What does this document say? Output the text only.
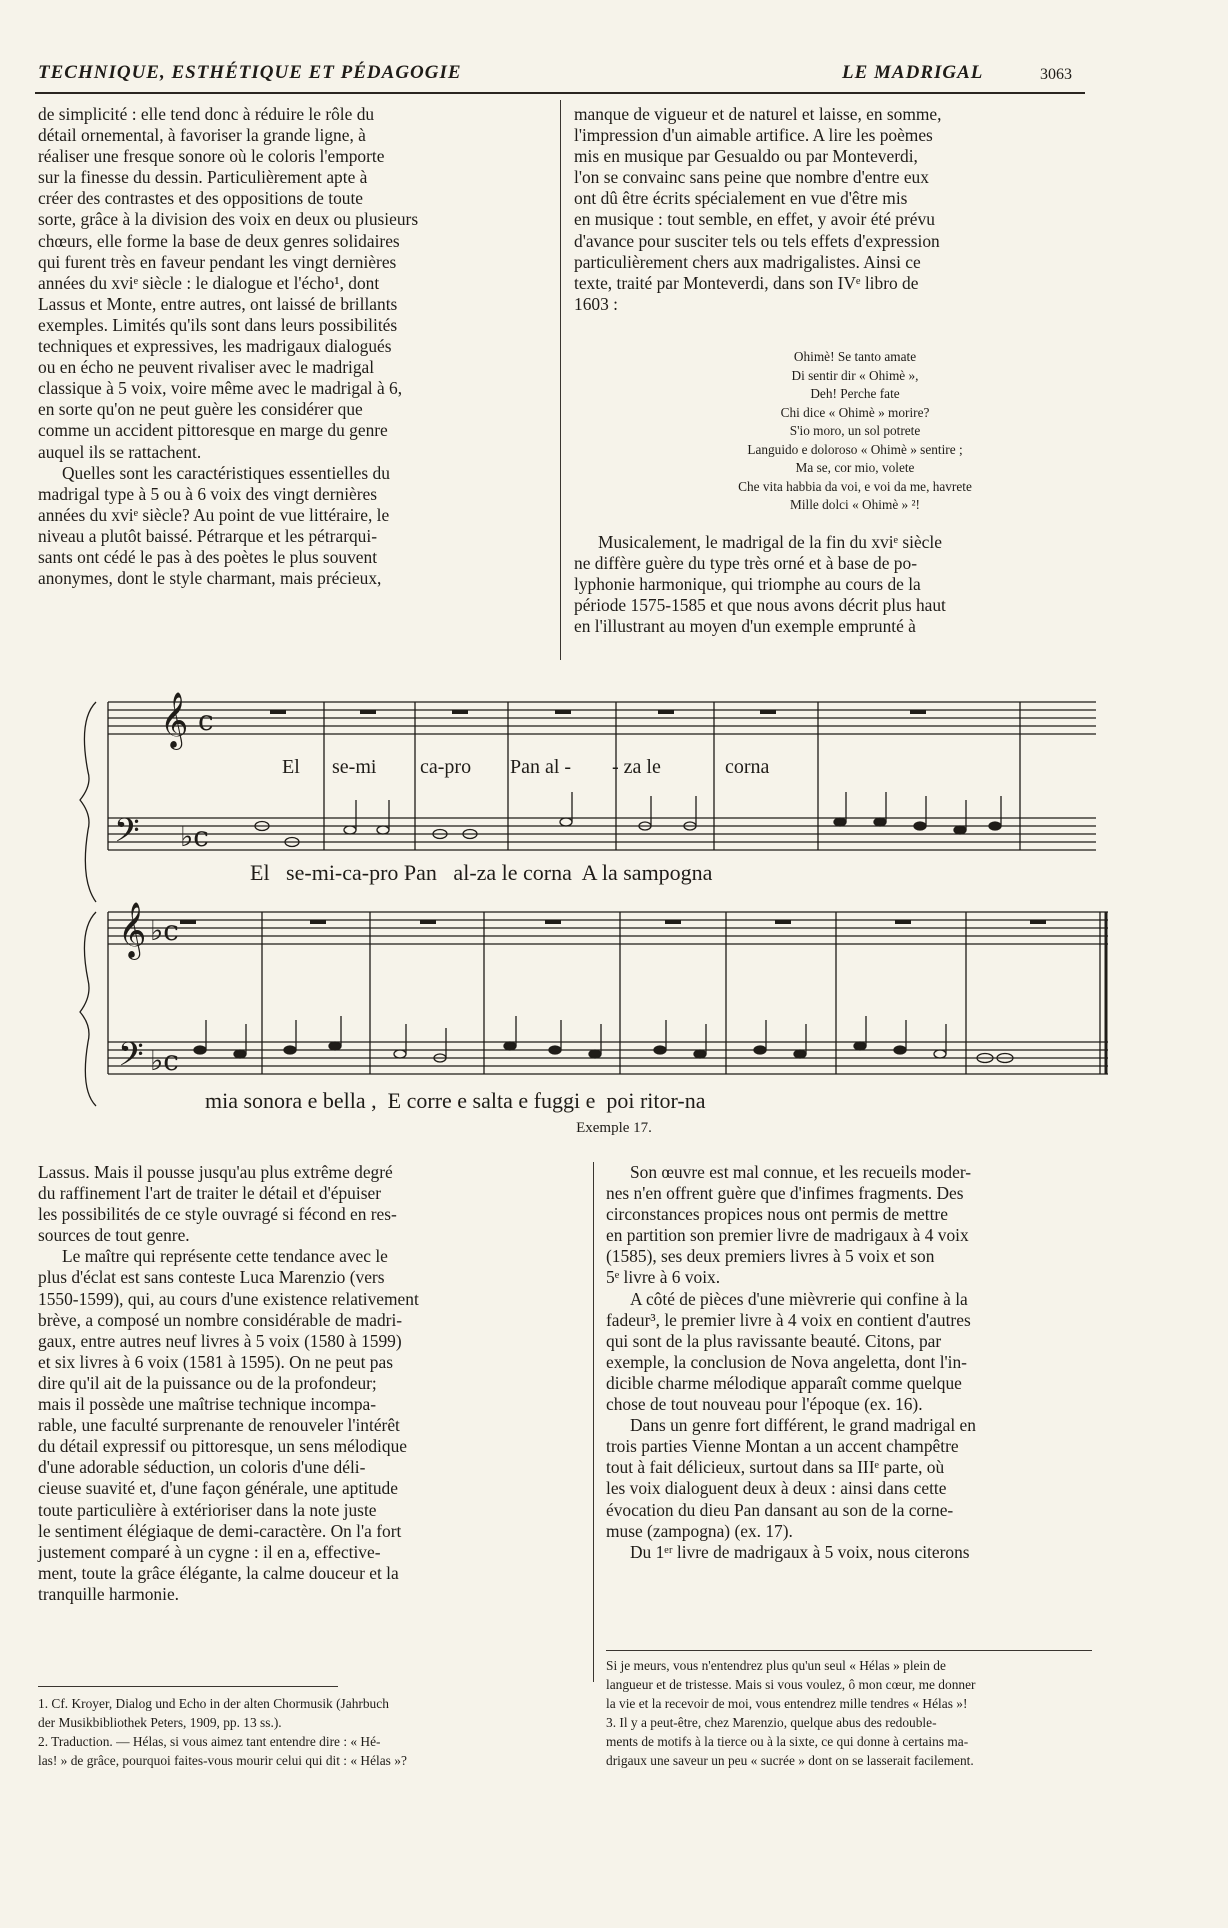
TECHNIQUE, ESTHÉTIQUE ET PÉDAGOGIE	LE MADRIGAL	3063
de simplicité : elle tend donc à réduire le rôle du
détail ornemental, à favoriser la grande ligne, à
réaliser une fresque sonore où le coloris l'emporte
sur la finesse du dessin. Particulièrement apte à
créer des contrastes et des oppositions de toute
sorte, grâce à la division des voix en deux ou plusieurs
chœurs, elle forme la base de deux genres solidaires
qui furent très en faveur pendant les vingt dernières
années du xviᵉ siècle : le dialogue et l'écho¹, dont
Lassus et Monte, entre autres, ont laissé de brillants
exemples. Limités qu'ils sont dans leurs possibilités
techniques et expressives, les madrigaux dialogués
ou en écho ne peuvent rivaliser avec le madrigal
classique à 5 voix, voire même avec le madrigal à 6,
en sorte qu'on ne peut guère les considérer que
comme un accident pittoresque en marge du genre
auquel ils se rattachent.
Quelles sont les caractéristiques essentielles du
madrigal type à 5 ou à 6 voix des vingt dernières
années du xviᵉ siècle? Au point de vue littéraire, le
niveau a plutôt baissé. Pétrarque et les pétrarqui-
sants ont cédé le pas à des poètes le plus souvent
anonymes, dont le style charmant, mais précieux,
manque de vigueur et de naturel et laisse, en somme,
l'impression d'un aimable artifice. A lire les poèmes
mis en musique par Gesualdo ou par Monteverdi,
l'on se convainc sans peine que nombre d'entre eux
ont dû être écrits spécialement en vue d'être mis
en musique : tout semble, en effet, y avoir été prévu
d'avance pour susciter tels ou tels effets d'expression
particulièrement chers aux madrigalistes. Ainsi ce
texte, traité par Monteverdi, dans son IVᵉ libro de
1603 :
Ohimè! Se tanto amate
Di sentir dir « Ohimè »,
Deh! Perche fate
Chi dice « Ohimè » morire?
S'io moro, un sol potrete
Languido e doloroso « Ohimè » sentire ;
Ma se, cor mio, volete
Che vita habbia da voi, e voi da me, havrete
Mille dolci « Ohimè » ²!
Musicalement, le madrigal de la fin du xviᵉ siècle
ne diffère guère du type très orné et à base de po-
lyphonie harmonique, qui triomphe au cours de la
période 1575-1585 et que nous avons décrit plus haut
en l'illustrant au moyen d'un exemple emprunté à
𝄞
𝄢
c
♭c
𝄞
𝄢
♭c
♭c
El se-mi ca-pro Pan al - - za le	corna
El   se-mi-ca-pro Pan   al-za le corna  A la sampogna
mia sonora e bella ,  E corre e salta e fuggi e  poi ritor-na
Exemple 17.
Lassus. Mais il pousse jusqu'au plus extrême degré
du raffinement l'art de traiter le détail et d'épuiser
les possibilités de ce style ouvragé si fécond en res-
sources de tout genre.
Le maître qui représente cette tendance avec le
plus d'éclat est sans conteste Luca Marenzio (vers
1550-1599), qui, au cours d'une existence relativement
brève, a composé un nombre considérable de madri-
gaux, entre autres neuf livres à 5 voix (1580 à 1599)
et six livres à 6 voix (1581 à 1595). On ne peut pas
dire qu'il ait de la puissance ou de la profondeur;
mais il possède une maîtrise technique incompa-
rable, une faculté surprenante de renouveler l'intérêt
du détail expressif ou pittoresque, un sens mélodique
d'une adorable séduction, un coloris d'une déli-
cieuse suavité et, d'une façon générale, une aptitude
toute particulière à extérioriser dans la note juste
le sentiment élégiaque de demi-caractère. On l'a fort
justement comparé à un cygne : il en a, effective-
ment, toute la grâce élégante, la calme douceur et la
tranquille harmonie.
1. Cf. Kroyer, Dialog und Echo in der alten Chormusik (Jahrbuch
der Musikbibliothek Peters, 1909, pp. 13 ss.).
2. Traduction. — Hélas, si vous aimez tant entendre dire : « Hé-
las! » de grâce, pourquoi faites-vous mourir celui qui dit : « Hélas »?
Son œuvre est mal connue, et les recueils moder-
nes n'en offrent guère que d'infimes fragments. Des
circonstances propices nous ont permis de mettre
en partition son premier livre de madrigaux à 4 voix
(1585), ses deux premiers livres à 5 voix et son
5ᵉ livre à 6 voix.
A côté de pièces d'une mièvrerie qui confine à la
fadeur³, le premier livre à 4 voix en contient d'autres
qui sont de la plus ravissante beauté. Citons, par
exemple, la conclusion de Nova angeletta, dont l'in-
dicible charme mélodique apparaît comme quelque
chose de tout nouveau pour l'époque (ex. 16).
Dans un genre fort différent, le grand madrigal en
trois parties Vienne Montan a un accent champêtre
tout à fait délicieux, surtout dans sa IIIᵉ parte, où
les voix dialoguent deux à deux : ainsi dans cette
évocation du dieu Pan dansant au son de la corne-
muse (zampogna) (ex. 17).
Du 1ᵉʳ livre de madrigaux à 5 voix, nous citerons
Si je meurs, vous n'entendrez plus qu'un seul « Hélas » plein de
langueur et de tristesse. Mais si vous voulez, ô mon cœur, me donner
la vie et la recevoir de moi, vous entendrez mille tendres « Hélas »!
3. Il y a peut-être, chez Marenzio, quelque abus des redouble-
ments de motifs à la tierce ou à la sixte, ce qui donne à certains ma-
drigaux une saveur un peu « sucrée » dont on se lasserait facilement.
